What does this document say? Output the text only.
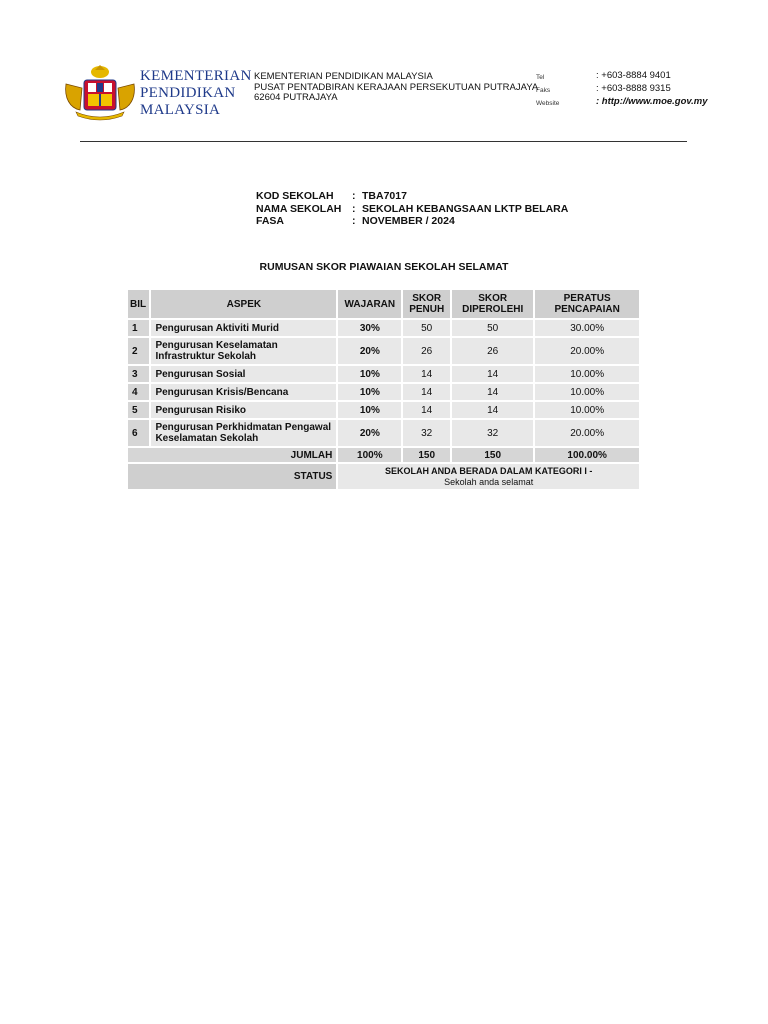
KEMENTERIAN
PENDIDIKAN
MALAYSIA
KEMENTERIAN PENDIDIKAN MALAYSIA
PUSAT PENTADBIRAN KERAJAAN PERSEKUTUAN PUTRAJAYA
62604 PUTRAJAYA
Tel	: +603-8884 9401
Faks	: +603-8888 9315
Website	: http://www.moe.gov.my
KOD SEKOLAH	: TBA7017
NAMA SEKOLAH	: SEKOLAH KEBANGSAAN LKTP BELARA
FASA	: NOVEMBER / 2024
RUMUSAN SKOR PIAWAIAN SEKOLAH SELAMAT
BIL	ASPEK	WAJARAN	SKOR PENUH	SKOR DIPEROLEHI	PERATUS PENCAPAIAN
1	Pengurusan Aktiviti Murid	30%	50	50	30.00%
2	Pengurusan Keselamatan Infrastruktur Sekolah	20%	26	26	20.00%
3	Pengurusan Sosial	10%	14	14	10.00%
4	Pengurusan Krisis/Bencana	10%	14	14	10.00%
5	Pengurusan Risiko	10%	14	14	10.00%
6	Pengurusan Perkhidmatan Pengawal Keselamatan Sekolah	20%	32	32	20.00%
JUMLAH		100%	150	150	100.00%
STATUS		SEKOLAH ANDA BERADA DALAM KATEGORI I -
Sekolah anda selamat			
